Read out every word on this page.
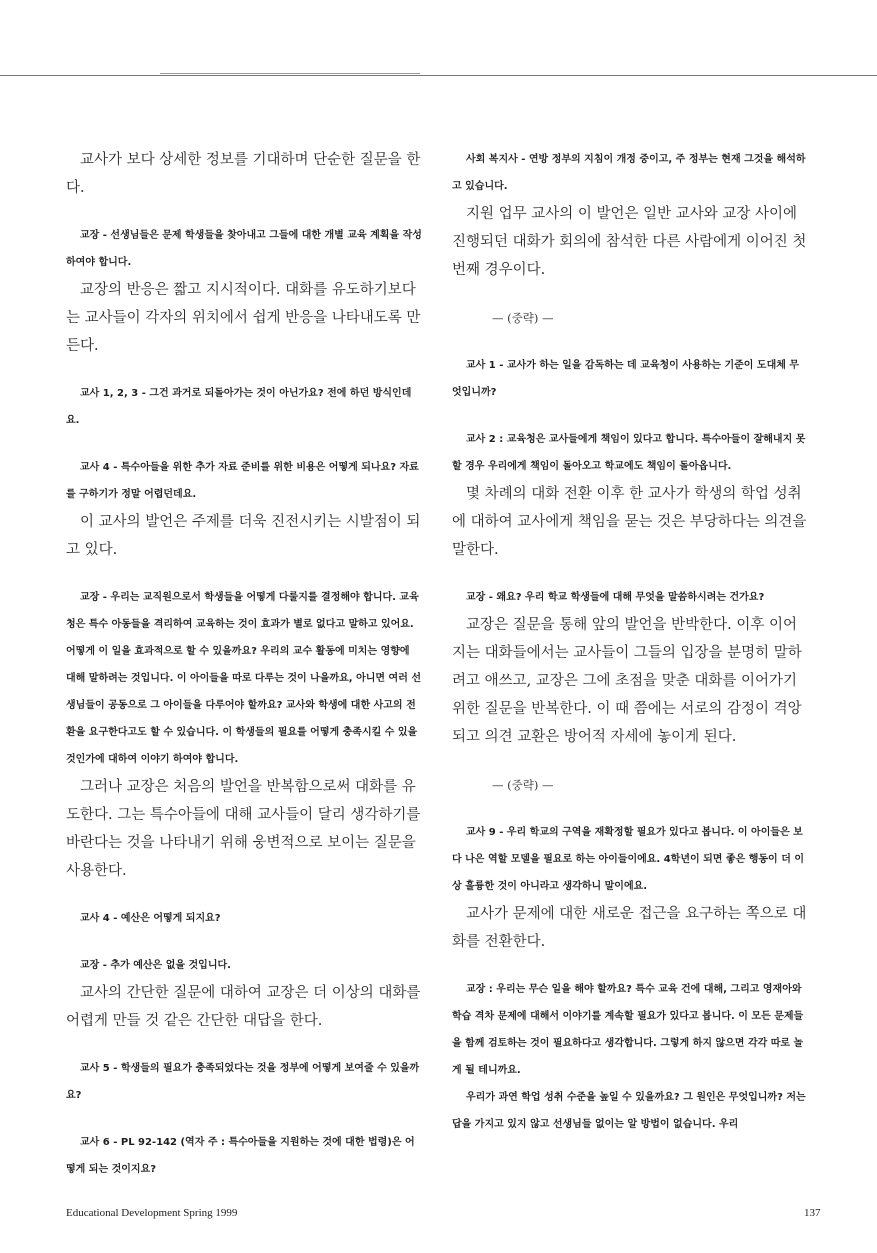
교사가 보다 상세한 정보를 기대하며 단순한 질문을 한다.
교장 - 선생님들은 문제 학생들을 찾아내고 그들에 대한 개별 교육 계획을 작성하여야 합니다.
교장의 반응은 짧고 지시적이다. 대화를 유도하기보다는 교사들이 각자의 위치에서 쉽게 반응을 나타내도록 만든다.
교사 1, 2, 3 - 그건 과거로 되돌아가는 것이 아닌가요? 전에 하던 방식인데요.
교사 4 - 특수아들을 위한 추가 자료 준비를 위한 비용은 어떻게 되나요? 자료를 구하기가 정말 어렵던데요.
이 교사의 발언은 주제를 더욱 진전시키는 시발점이 되고 있다.
교장 - 우리는 교직원으로서 학생들을 어떻게 다룰지를 결정해야 합니다. 교육청은 특수 아동들을 격리하여 교육하는 것이 효과가 별로 없다고 말하고 있어요. 어떻게 이 일을 효과적으로 할 수 있을까요? 우리의 교수 활동에 미치는 영향에 대해 말하려는 것입니다. 이 아이들을 따로 다루는 것이 나을까요, 아니면 여러 선생님들이 공동으로 그 아이들을 다루어야 할까요? 교사와 학생에 대한 사고의 전환을 요구한다고도 할 수 있습니다. 이 학생들의 필요를 어떻게 충족시킬 수 있을 것인가에 대하여 이야기 하여야 합니다.
그러나 교장은 처음의 발언을 반복함으로써 대화를 유도한다. 그는 특수아들에 대해 교사들이 달리 생각하기를 바란다는 것을 나타내기 위해 웅변적으로 보이는 질문을 사용한다.
교사 4 - 예산은 어떻게 되지요?
교장 - 추가 예산은 없을 것입니다.
교사의 간단한 질문에 대하여 교장은 더 이상의 대화를 어렵게 만들 것 같은 간단한 대답을 한다.
교사 5 - 학생들의 필요가 충족되었다는 것을 정부에 어떻게 보여줄 수 있을까요?
교사 6 - PL 92-142 (역자 주 : 특수아들을 지원하는 것에 대한 법령)은 어떻게 되는 것이지요?
사회 복지사 - 연방 정부의 지침이 개정 중이고, 주 정부는 현재 그것을 해석하고 있습니다.
지원 업무 교사의 이 발언은 일반 교사와 교장 사이에 진행되던 대화가 회의에 참석한 다른 사람에게 이어진 첫 번째 경우이다.
— (중략) —
교사 1 - 교사가 하는 일을 감독하는 데 교육청이 사용하는 기준이 도대체 무엇입니까?
교사 2 : 교육청은 교사들에게 책임이 있다고 합니다. 특수아들이 잘해내지 못할 경우 우리에게 책임이 돌아오고 학교에도 책임이 돌아옵니다.
몇 차례의 대화 전환 이후 한 교사가 학생의 학업 성취에 대하여 교사에게 책임을 묻는 것은 부당하다는 의견을 말한다.
교장 - 왜요? 우리 학교 학생들에 대해 무엇을 말씀하시려는 건가요?
교장은 질문을 통해 앞의 발언을 반박한다. 이후 이어지는 대화들에서는 교사들이 그들의 입장을 분명히 말하려고 애쓰고, 교장은 그에 초점을 맞춘 대화를 이어가기 위한 질문을 반복한다. 이 때 쯤에는 서로의 감정이 격앙되고 의견 교환은 방어적 자세에 놓이게 된다.
— (중략) —
교사 9 - 우리 학교의 구역을 재확정할 필요가 있다고 봅니다. 이 아이들은 보다 나은 역할 모델을 필요로 하는 아이들이에요. 4학년이 되면 좋은 행동이 더 이상 훌륭한 것이 아니라고 생각하니 말이에요.
교사가 문제에 대한 새로운 접근을 요구하는 쪽으로 대화를 전환한다.
교장 : 우리는 무슨 일을 해야 할까요? 특수 교육 건에 대해, 그리고 영재아와 학습 격차 문제에 대해서 이야기를 계속할 필요가 있다고 봅니다. 이 모든 문제들을 함께 검토하는 것이 필요하다고 생각합니다. 그렇게 하지 않으면 각각 따로 놀게 될 테니까요.
우리가 과연 학업 성취 수준을 높일 수 있을까요? 그 원인은 무엇입니까? 저는 답을 가지고 있지 않고 선생님들 없이는 알 방법이 없습니다. 우리
Educational Development Spring 1999	137
